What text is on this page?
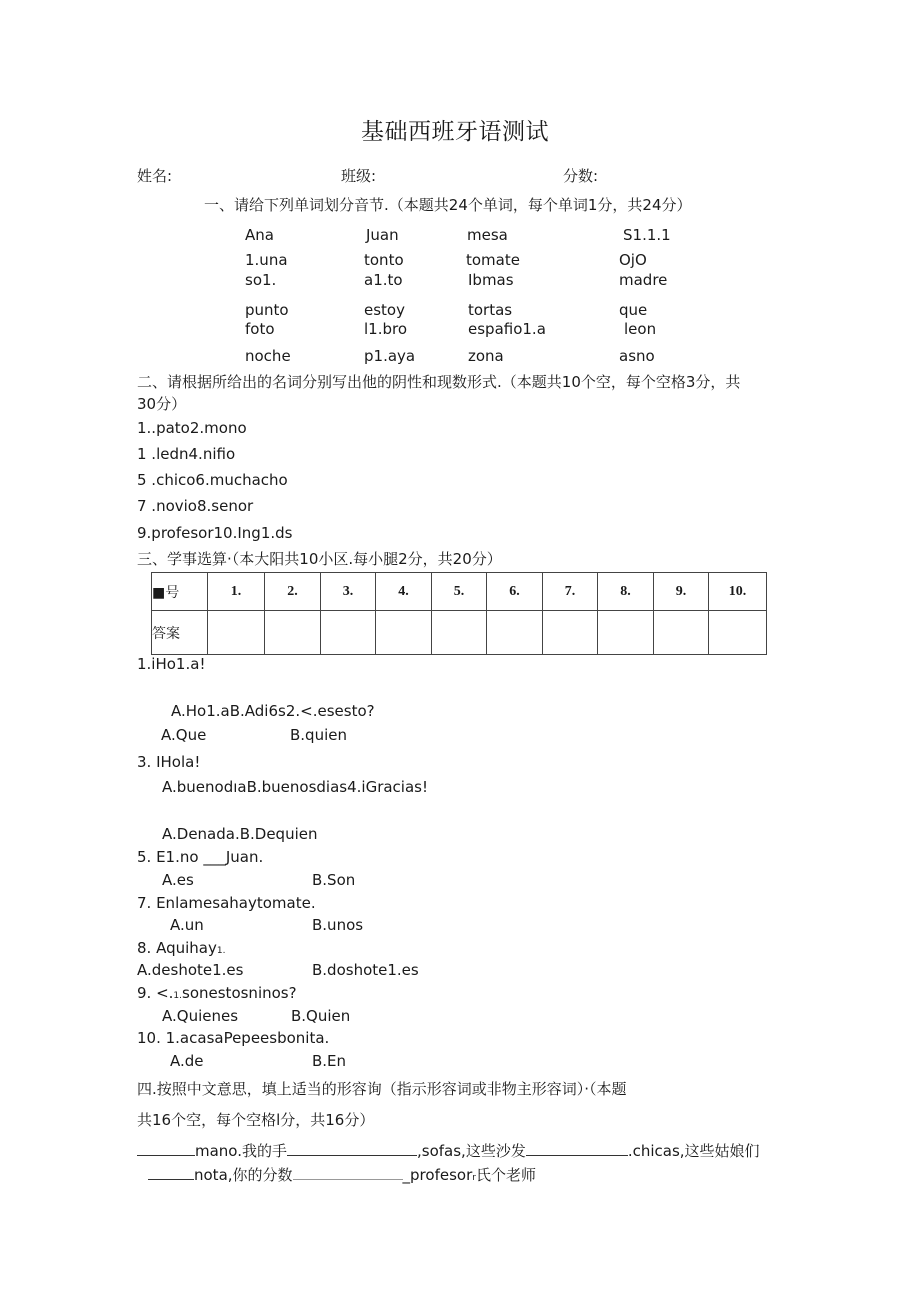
基础西班牙语测试
姓名:	班级:	分数:
一、请给下列单词划分音节.（本题共24个单词，每个单词1分，共24分）
Ana	Juan	mesa	S1.1.1
1.una	tonto	tomate	OjO
so1.	a1.to	Ibmas	madre
punto	estoy	tortas	que
foto	l1.bro	espafio1.a	leon
noche	p1.aya	zona	asno
二、请根据所给出的名词分别写出他的阴性和现数形式.（本题共10个空，每个空格3分，共
30分）
1..pato2.mono
1 .ledn4.nifio
5 .chico6.muchacho
7 .novio8.senor
9.profesor10.Ing1.ds
三、学事选算·（本大阳共10小区.每小腿2分，共20分）
■号	1.	2.	3.	4.	5.	6.	7.	8.	9.	10.
答案										
1.iHo1.a!
A.Ho1.aB.Adi6s2.<.esesto?
A.Que	B.quien
3. IHola!
A.buenodıaB.buenosdias4.iGracias!
A.Denada.B.Dequien
5. E1.no ___Juan.
A.es	B.Son
7. Enlamesahaytomate.
A.un	B.unos
8. Aquihay1.
A.deshote1.es	B.doshote1.es
9. <.1.sonestosninos?
A.Quienes	B.Quien
10. 1.acasaPepeesbonita.
A.de	B.En
四.按照中文意思，填上适当的形容询（指示形容词或非物主形容词）·（本题
共16个空，每个空格l分，共16分）
mano.我的手	,sofas,这些沙发	.chicas,这些姑娘们
nota,你的分数	_profesorr氏个老师
